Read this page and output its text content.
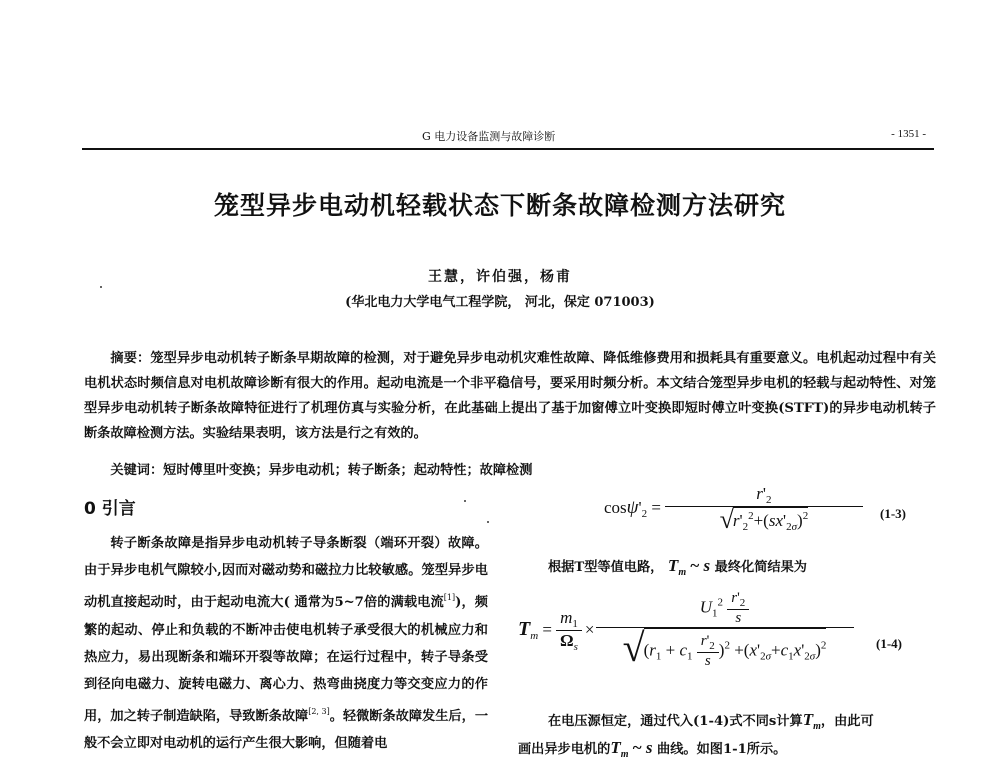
G 电力设备监测与故障诊断	- 1351 -
笼型异步电动机轻载状态下断条故障检测方法研究
王慧，许伯强，杨甫
(华北电力大学电气工程学院， 河北，保定 071003)

摘要：笼型异步电动机转子断条早期故障的检测，对于避免异步电动机灾难性故障、降低维修费用和损耗具有重要意义。电机起动过程中有关电机状态时频信息对电机故障诊断有很大的作用。起动电流是一个非平稳信号，要采用时频分析。本文结合笼型异步电机的轻载与起动特性、对笼型异步电动机转子断条故障特征进行了机理仿真与实验分析，在此基础上提出了基于加窗傅立叶变换即短时傅立叶变换(STFT)的异步电动机转子断条故障检测方法。实验结果表明，该方法是行之有效的。

关键词：短时傅里叶变换；异步电动机；转子断条；起动特性；故障检测
0 引言

转子断条故障是指异步电动机转子导条断裂（端环开裂）故障。由于异步电机气隙较小,因而对磁动势和磁拉力比较敏感。笼型异步电动机直接起动时，由于起动电流大( 通常为5~7倍的满载电流[1])，频繁的起动、停止和负载的不断冲击使电机转子承受很大的机械应力和热应力，易出现断条和端环开裂等故障；在运行过程中，转子导条受到径向电磁力、旋转电磁力、离心力、热弯曲挠度力等交变应力的作用，加之转子制造缺陷，导致断条故障[2, 3]。轻微断条故障发生后，一般不会立即对电动机的运行产生很大影响，但随着电

$\cos\psi'_2 = \frac{r'_2}{√ r'_2^2+(sx'_{2\sigma})^2} (1-3)$
根据T型等值电路， $T_m$ ~ s 最终化简结果为
$T_m = \frac{m_1}{\Omega_s}$ ×
$U_1^2 \frac{r'_2}{s}$
√ $(r_1 + c_1 \frac{r'_2}{s} )^2 +(x'_{2\sigma}+c_1x'_{2\sigma})^2$	(1-4)
在电压源恒定，通过代入(1-4)式不同s计算$T_m$，由此可
画出异步电机的$T_m$ ~ s 曲线。如图1-1所示。
